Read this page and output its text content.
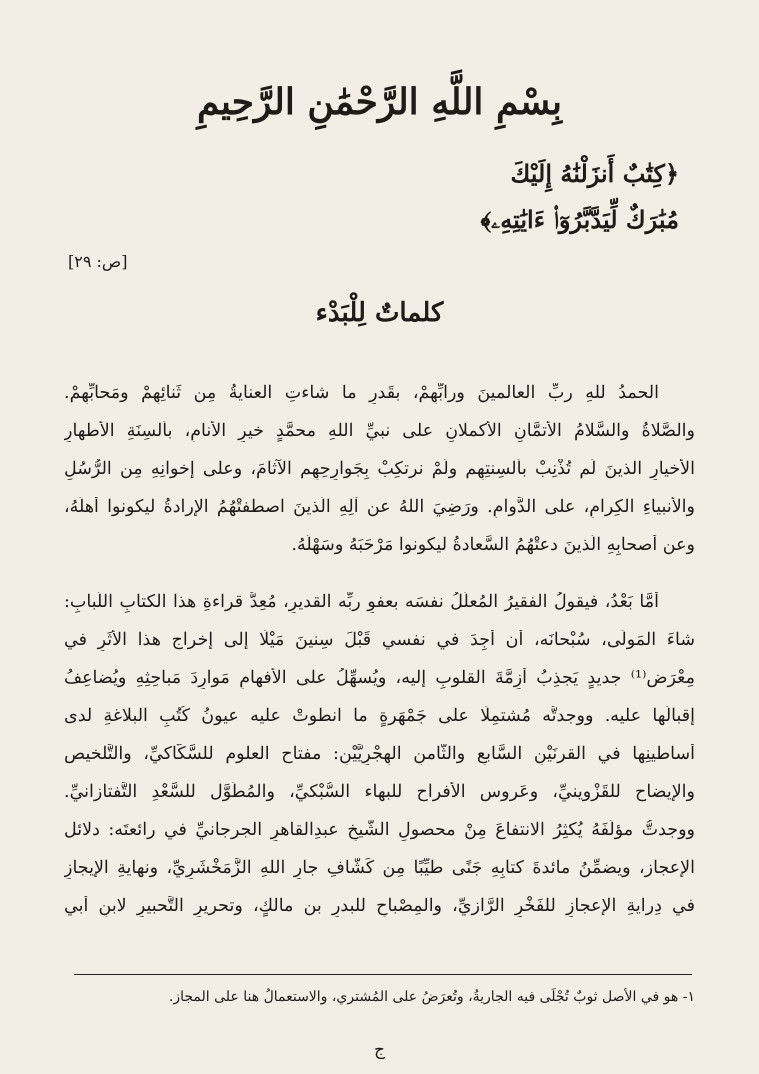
بِسْمِ اللَّهِ الرَّحْمَٰنِ الرَّحِيمِ
﴿كِتَٰبٌ أَنزَلْنَٰهُ إِلَيْكَ
مُبَٰرَكٌ لِّيَدَّبَّرُوٓا۟ ءَايَٰتِهِۦ﴾
[ص: ٢٩]
كلماتٌ لِلْبَدْء
الحمدُ للهِ ربِّ العالمينَ ورابِّهِمْ، بقَدرِ ما شاءتِ العنايةُ مِن ثَنائِهِمْ ومَحابِّهِمْ.
والصَّلاةُ والسَّلامُ الأتمَّانِ الأكملانِ على نبيِّ اللهِ محمَّدٍ خيرِ الأنامِ، بألسِنَةِ الأطهارِ
الأخيارِ الذينَ لَم تُذْنِبْ بألسِنتِهِم ولَمْ نرتكِبْ بِجَوارِحِهِم الآثامَ، وعلى إخوانِهِ مِن الرُّسُلِ
والأنبياءِ الكِرامِ، على الدَّوامِ. ورَضِيَ اللهُ عن آلِهِ الَّذينَ اصطفتْهُمُ الإرادةُ ليكونوا أهلَهُ،
وعن أصحابِهِ الَّذينَ دعتْهُمُ السَّعادةُ ليكونوا مَرْحَبَهُ وسَهْلَهُ.
أمَّا بَعْدُ، فيقولُ الفقيرُ المُعلَّلُ نفسَه بعفوِ ربِّه القديرِ، مُعِدُّ قراءةِ هذا الكتابِ اللُّبابِ:
شاءَ المَولَى، سُبْحانَه، أن أجِدَ في نفسي قَبْلَ سِنينَ مَيْلًا إلى إخراجِ هذا الأثَرِ في
مِعْرَضٍ⁽¹⁾ جديدٍ يَجذِبُ أزِمَّةَ القلوبِ إليه، ويُسهِّلُ على الأفهامِ مَوارِدَ مَباحِثِهِ ويُضاعِفُ
إقبالَها عليه. ووجدتُّه مُشتمِلًا على جَمْهَرةٍ ما انطوتْ عليه عيونُ كُتُبِ البلاغةِ لدى
أساطينِها في القرنَيْنِ السَّابعِ والثَّامنِ الهِجْرِيَّيْنِ: مفتاح العلوم للسَّكَّاكيِّ، والتَّلخيص
والإيضاح للقَزْوينيِّ، وعَروس الأفراح للبهاء السُّبْكيِّ، والمُطَوَّل للسَّعْدِ التَّفتازانيِّ.
ووجدتُّ مؤلِّفَهُ يُكثِرُ الانتفاعَ مِنْ محصولِ الشَّيخِ عبدِالقاهرِ الجرجانيِّ في رائعتَه: دلائل
الإعجاز، ويضمِّنُ مائدةَ كتابِهِ جَنًى طيِّبًا مِن كَشَّافِ جارِ اللهِ الزَّمَخْشَرِيِّ، ونهايةِ الإيجازِ
في دِرايةِ الإعجازِ للفَخْرِ الرَّازيِّ، والمِصْباحِ للبدرِ بن مالكٍ، وتحريرِ التَّحبيرِ لابنِ أبي
١- هو في الأصل ثوبٌ تُجْلَى فيه الجاريةُ، وتُعرَضُ على المُشتري، والاستعمالُ هنا على المجاز.
ج
